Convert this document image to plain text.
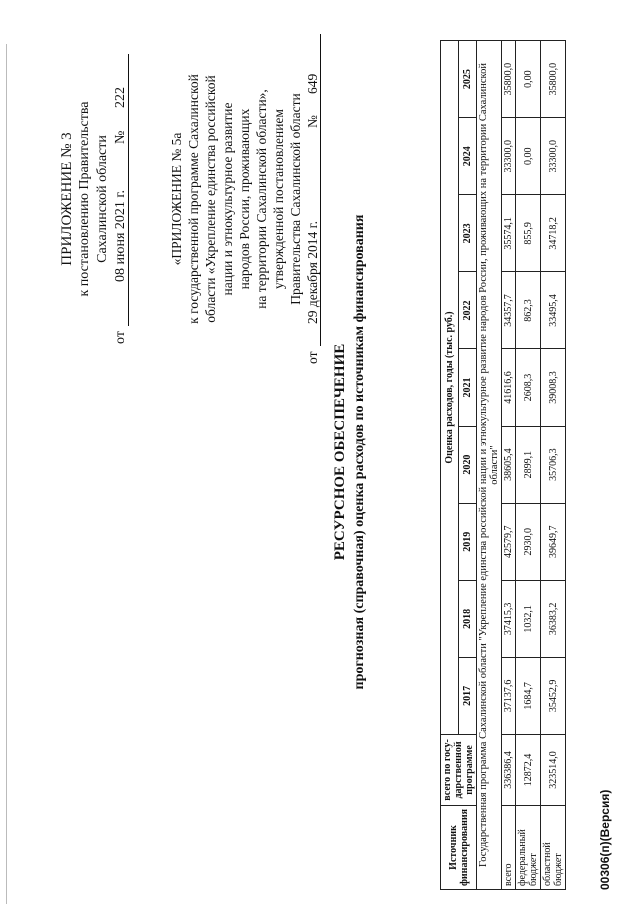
ПРИЛОЖЕНИЕ № 3 к постановлению Правительства Сахалинской области
от
08 июня 2021 г.
№
222
«ПРИЛОЖЕНИЕ № 5а к государственной программе Сахалинской области «Укрепление единства российской нации и этнокультурное развитие народов России, проживающих на территории Сахалинской области», утвержденной постановлением Правительства Сахалинской области
от
29 декабря 2014 г.
№
649
РЕСУРСНОЕ ОБЕСПЕЧЕНИЕ прогнозная (справочная) оценка расходов по источникам финансирования
Источник финансирования	всего по госу-дарственной программе	Оценка расходов, годы (тыс. руб.)								
		2017	2018	2019	2020	2021	2022	2023	2024	2025
Государственная программа Сахалинской области "Укрепление единства российской нации и этнокультурное развитие народов России, проживающих на территории Сахалинской области"										
всего	336386,4	37137,6	37415,3	42579,7	38605,4	41616,6	34357,7	35574,1	33300,0	35800,0
федеральный бюджет	12872,4	1684,7	1032,1	2930,0	2899,1	2608,3	862,3	855,9	0,00	0,00
областной бюджет	323514,0	35452,9	36383,2	39649,7	35706,3	39008,3	33495,4	34718,2	33300,0	35800,0
00306(п)(Версия)
